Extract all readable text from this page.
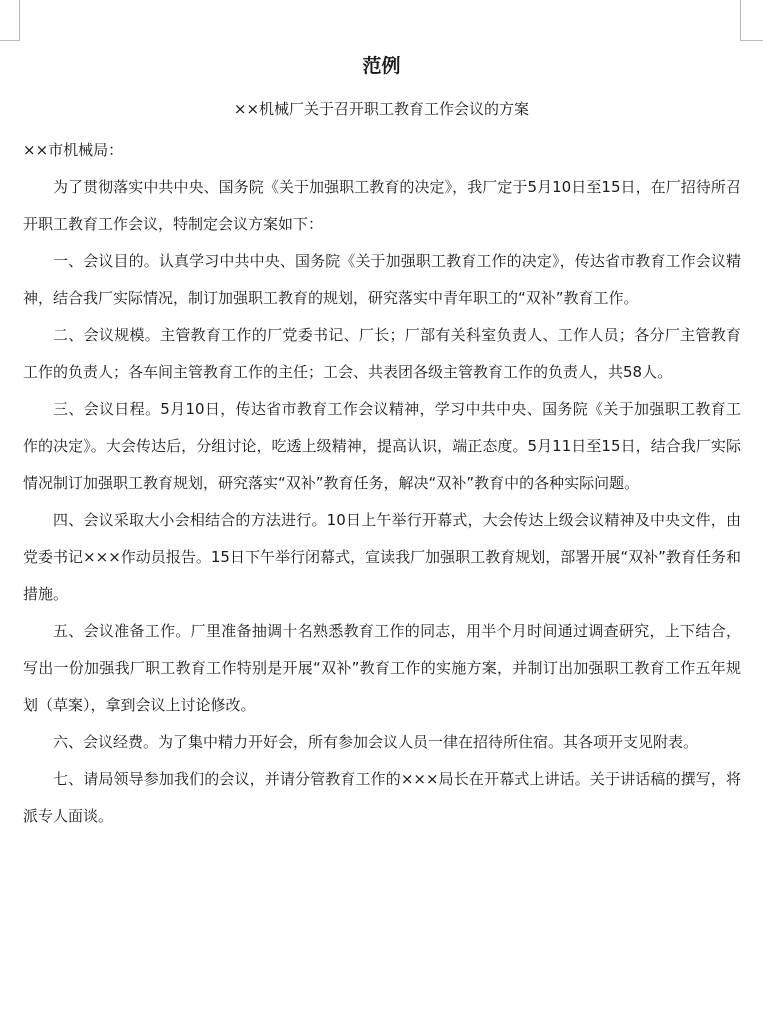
范例

××机械厂关于召开职工教育工作会议的方案

××市机械局：

为了贯彻落实中共中央、国务院《关于加强职工教育的决定》，我厂定于5月10日至15日，在厂招待所召开职工教育工作会议，特制定会议方案如下：

一、会议目的。认真学习中共中央、国务院《关于加强职工教育工作的决定》，传达省市教育工作会议精神，结合我厂实际情况，制订加强职工教育的规划，研究落实中青年职工的“双补”教育工作。

二、会议规模。主管教育工作的厂党委书记、厂长；厂部有关科室负责人、工作人员；各分厂主管教育工作的负责人；各车间主管教育工作的主任；工会、共表团各级主管教育工作的负责人，共58人。

三、会议日程。5月10日，传达省市教育工作会议精神，学习中共中央、国务院《关于加强职工教育工作的决定》。大会传达后，分组讨论，吃透上级精神，提高认识，端正态度。5月11日至15日，结合我厂实际情况制订加强职工教育规划，研究落实“双补”教育任务，解决“双补”教育中的各种实际问题。

四、会议采取大小会相结合的方法进行。10日上午举行开幕式，大会传达上级会议精神及中央文件，由党委书记×××作动员报告。15日下午举行闭幕式，宣读我厂加强职工教育规划，部署开展“双补”教育任务和措施。

五、会议准备工作。厂里准备抽调十名熟悉教育工作的同志，用半个月时间通过调查研究，上下结合，写出一份加强我厂职工教育工作特别是开展“双补”教育工作的实施方案，并制订出加强职工教育工作五年规划（草案），拿到会议上讨论修改。

六、会议经费。为了集中精力开好会，所有参加会议人员一律在招待所住宿。其各项开支见附表。

七、请局领导参加我们的会议，并请分管教育工作的×××局长在开幕式上讲话。关于讲话稿的撰写，将派专人面谈。
